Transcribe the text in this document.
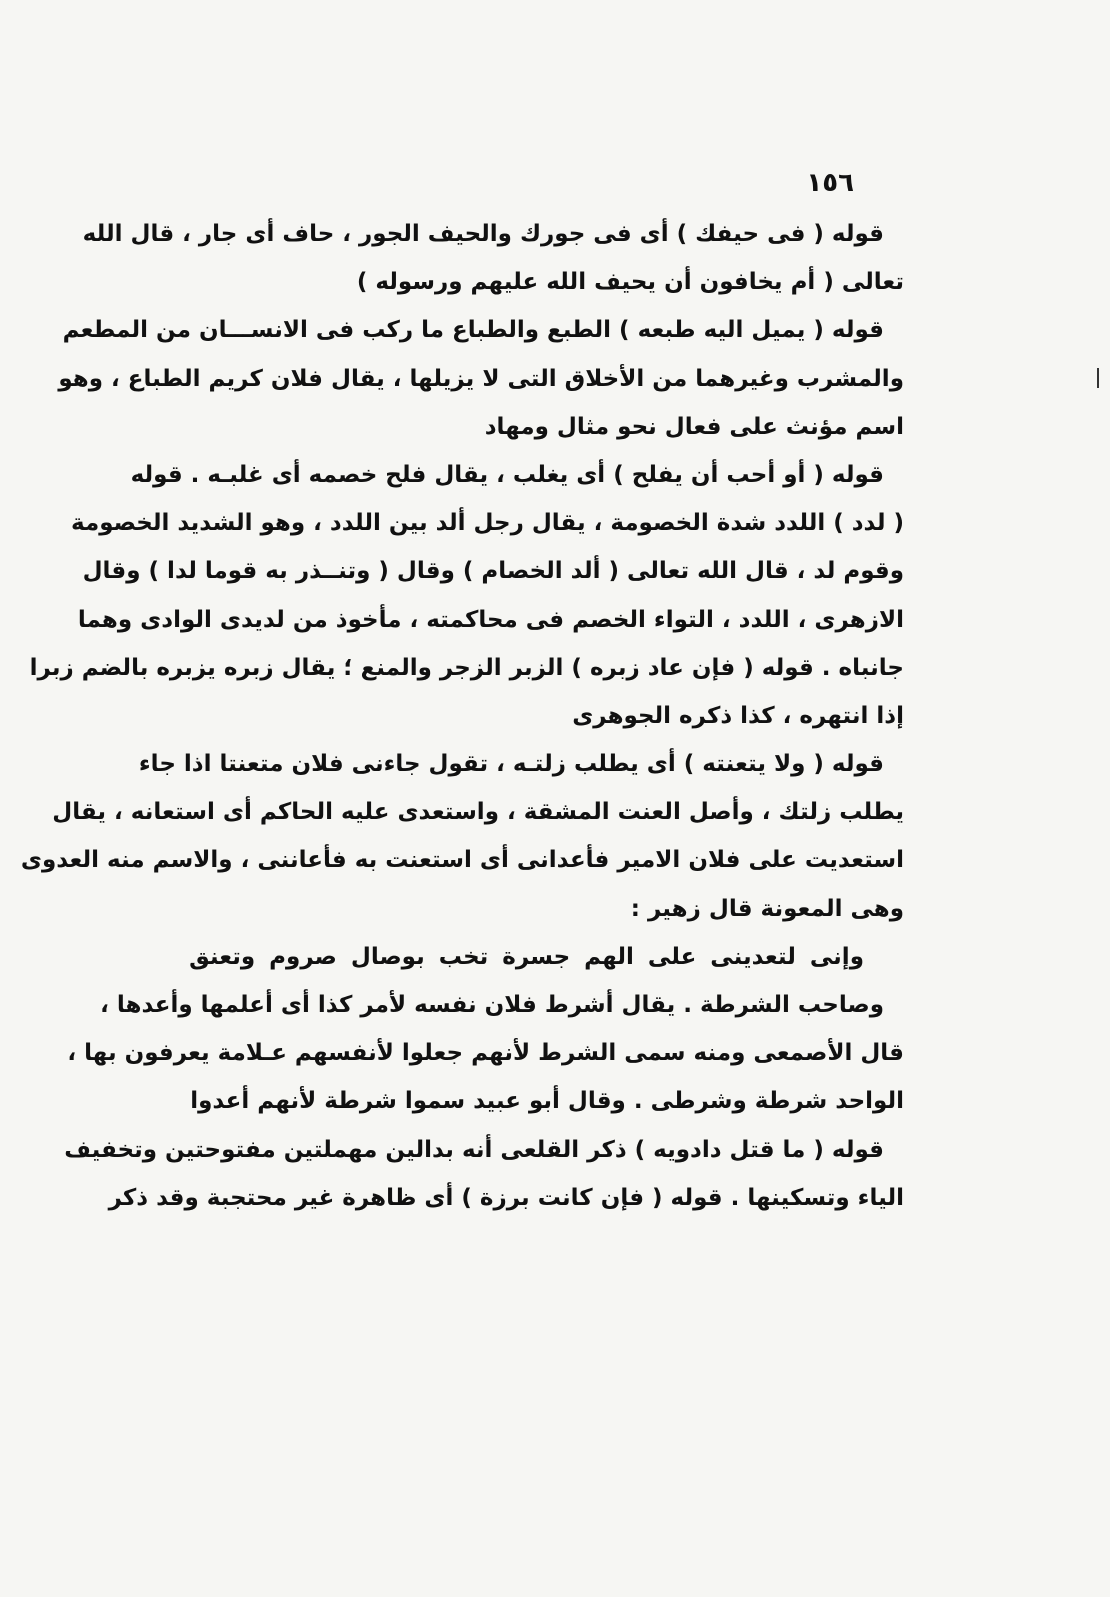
١٥٦
قوله ( فى حيفك ) أى فى جورك والحيف الجور ، حاف أى جار ، قال الله
تعالى ( أم يخافون أن يحيف الله عليهم ورسوله )
قوله ( يميل اليه طبعه ) الطبع والطباع ما ركب فى الانســـان من المطعم
والمشرب وغيرهما من الأخلاق التى لا يزيلها ، يقال فلان كريم الطباع ، وهو
اسم مؤنث على فعال نحو مثال ومهاد
قوله ( أو أحب أن يفلح ) أى يغلب ، يقال فلح خصمه أى غلبـه . قوله
( لدد ) اللدد شدة الخصومة ، يقال رجل ألد بين اللدد ، وهو الشديد الخصومة
وقوم لد ، قال الله تعالى ( ألد الخصام ) وقال ( وتنــذر به قوما لدا ) وقال
الازهرى ، اللدد ، التواء الخصم فى محاكمته ، مأخوذ من لديدى الوادى وهما
جانباه . قوله ( فإن عاد زبره ) الزبر الزجر والمنع ؛ يقال زبره يزبره بالضم زبرا
إذا انتهره ، كذا ذكره الجوهرى
قوله ( ولا يتعنته ) أى يطلب زلتـه ، تقول جاءنى فلان متعنتا اذا جاء
يطلب زلتك ، وأصل العنت المشقة ، واستعدى عليه الحاكم أى استعانه ، يقال
استعديت على فلان الامير فأعدانى أى استعنت به فأعاننى ، والاسم منه العدوى
وهى المعونة قال زهير :
وإنى لتعدينى على الهم جسرة تخب بوصال صروم وتعنق
وصاحب الشرطة . يقال أشرط فلان نفسه لأمر كذا أى أعلمها وأعدها ،
قال الأصمعى ومنه سمى الشرط لأنهم جعلوا لأنفسهم عـلامة يعرفون بها ،
الواحد شرطة وشرطى . وقال أبو عبيد سموا شرطة لأنهم أعدوا
قوله ( ما قتل دادويه ) ذكر القلعى أنه بدالين مهملتين مفتوحتين وتخفيف
الياء وتسكينها . قوله ( فإن كانت برزة ) أى ظاهرة غير محتجبة وقد ذكر
